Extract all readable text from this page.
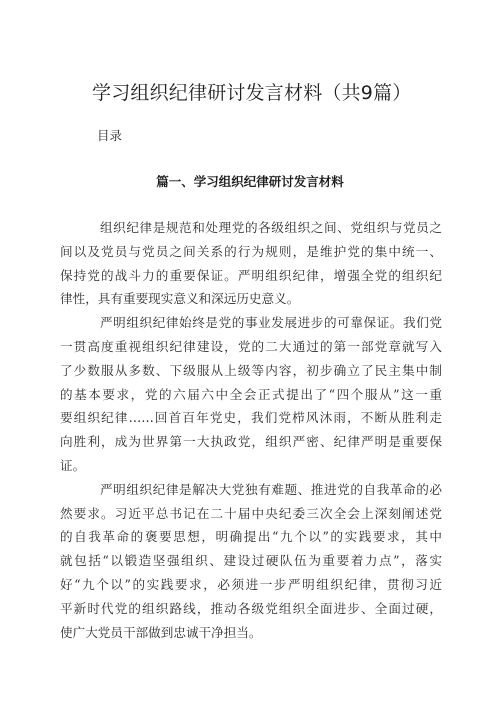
学习组织纪律研讨发言材料（共9篇）
目录
篇一、学习组织纪律研讨发言材料

组织纪律是规范和处理党的各级组织之间、党组织与党员之
间以及党员与党员之间关系的行为规则，是维护党的集中统一、
保持党的战斗力的重要保证。严明组织纪律，增强全党的组织纪
律性，具有重要现实意义和深远历史意义。

严明组织纪律始终是党的事业发展进步的可靠保证。我们党
一贯高度重视组织纪律建设，党的二大通过的第一部党章就写入
了少数服从多数、下级服从上级等内容，初步确立了民主集中制
的基本要求，党的六届六中全会正式提出了“四个服从”这一重
要组织纪律……回首百年党史，我们党栉风沐雨，不断从胜利走
向胜利，成为世界第一大执政党，组织严密、纪律严明是重要保
证。

严明组织纪律是解决大党独有难题、推进党的自我革命的必
然要求。习近平总书记在二十届中央纪委三次全会上深刻阐述党
的自我革命的褒要思想，明确提出“九个以”的实践要求，其中
就包括“以锻造坚强组织、建设过硬队伍为重要着力点”，落实
好“九个以”的实践要求，必须进一步严明组织纪律，贯彻习近
平新时代党的组织路线，推动各级党组织全面进步、全面过硬，
使广大党员干部做到忠诚干净担当。
